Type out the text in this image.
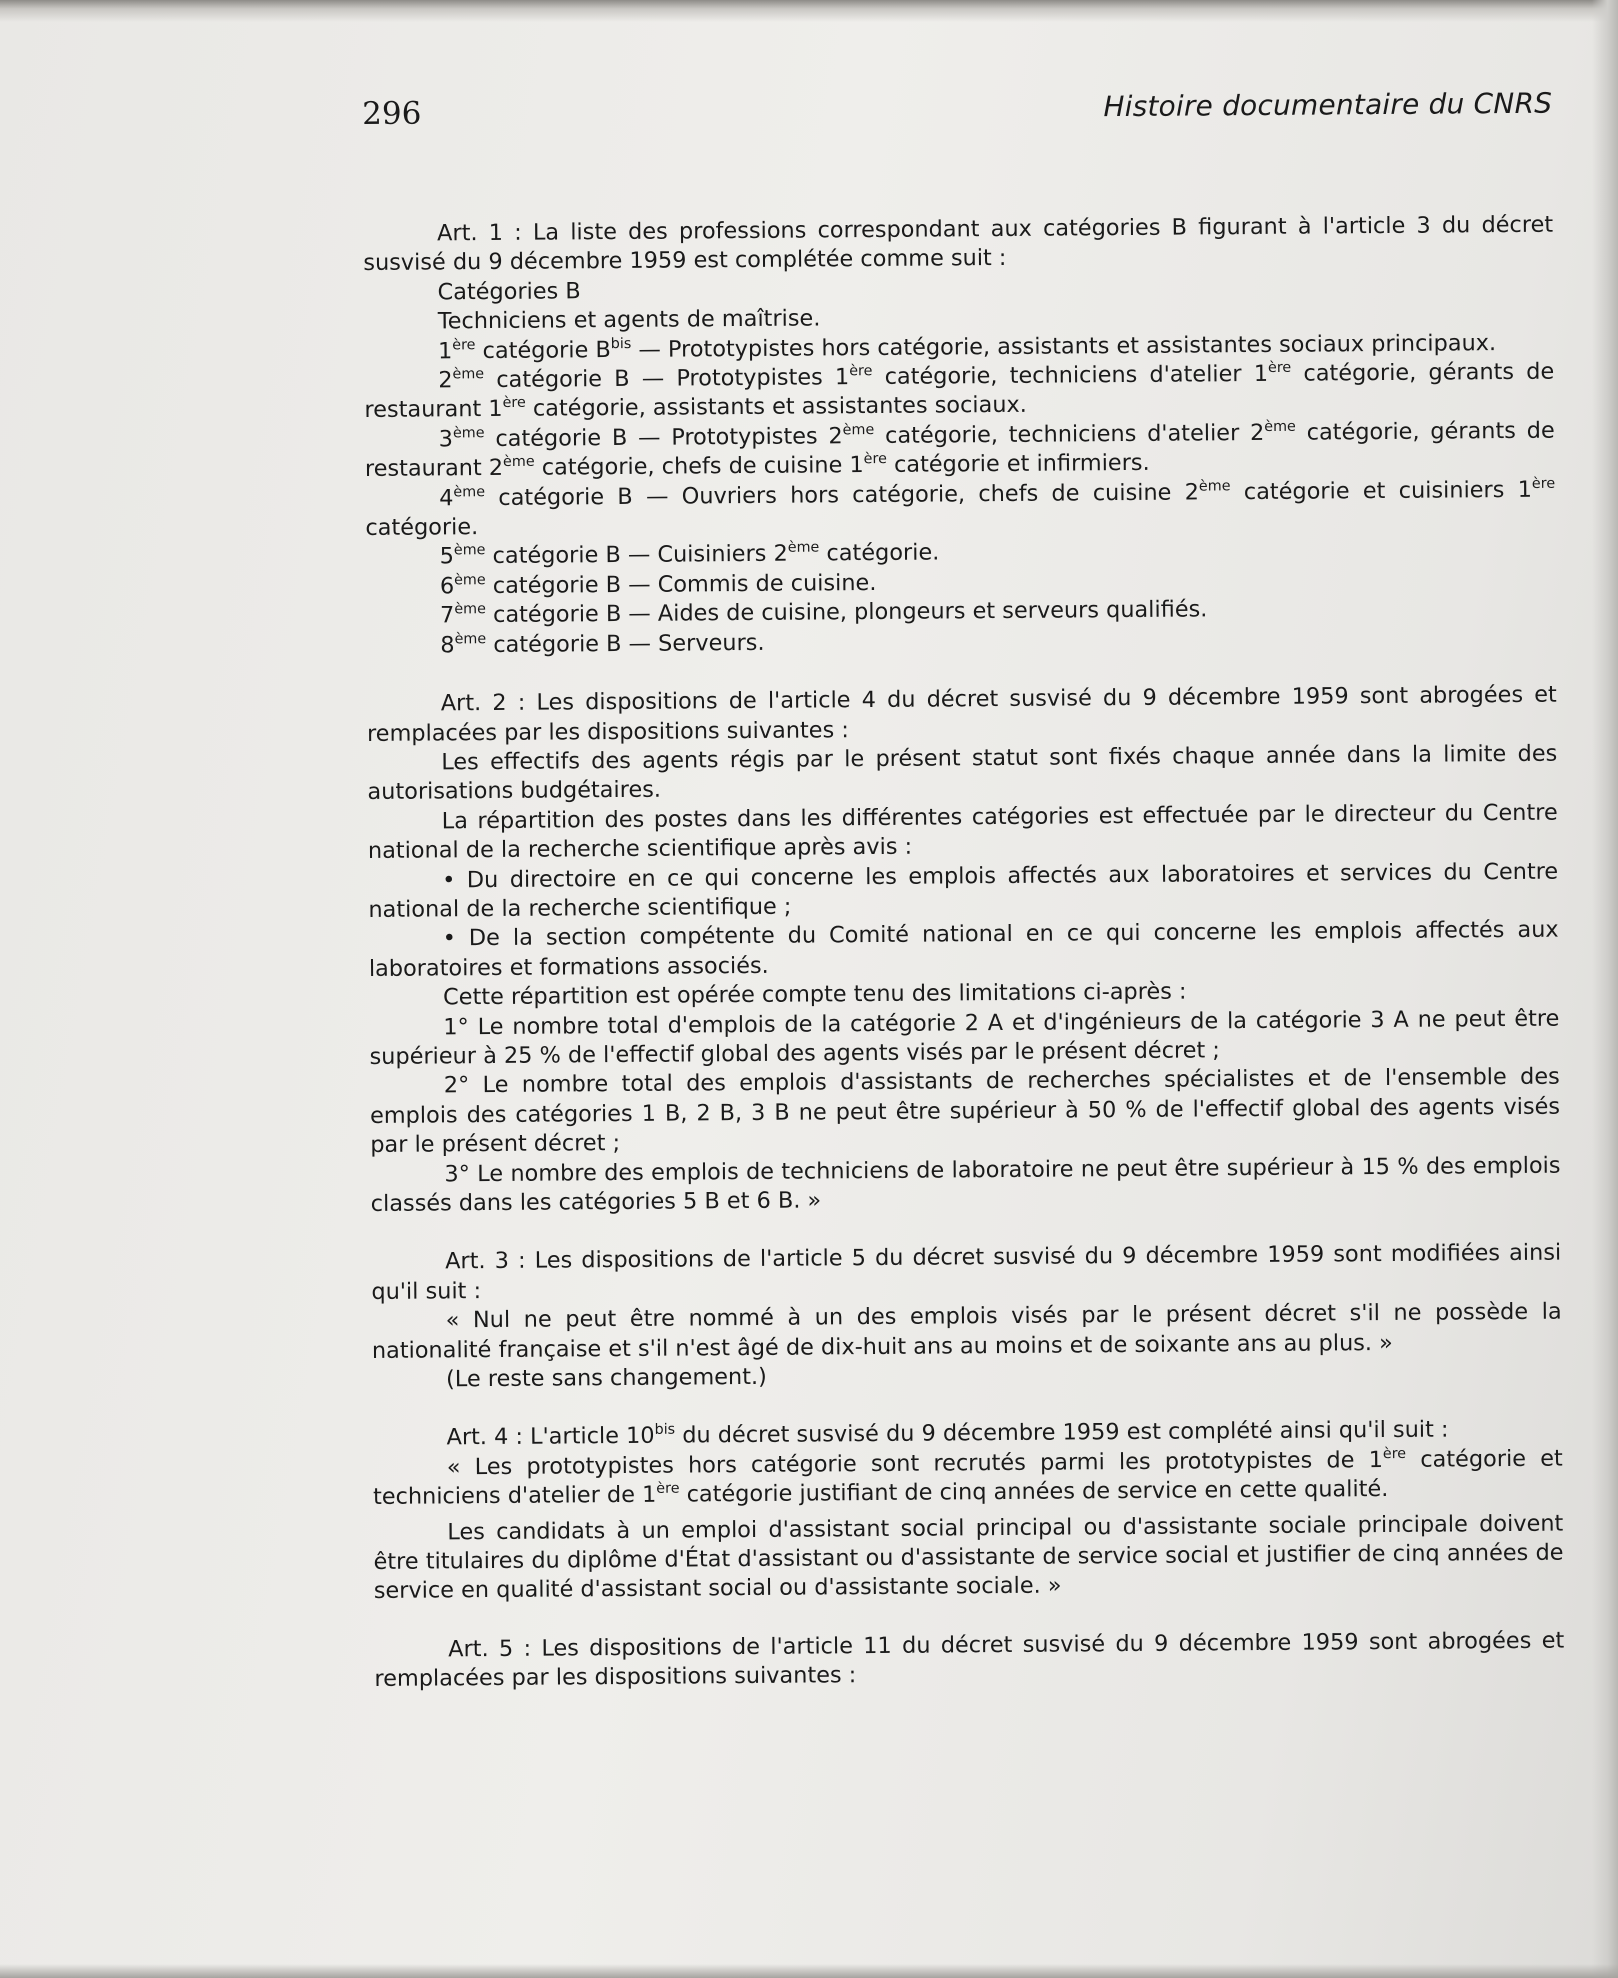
296	Histoire documentaire du CNRS

Art. 1 : La liste des professions correspondant aux catégories B figurant à l'article 3 du décret susvisé du 9 décembre 1959 est complétée comme suit :

Catégories B

Techniciens et agents de maîtrise.

1ère catégorie $B^{bis}$ — Prototypistes hors catégorie, assistants et assistantes sociaux principaux.

2ème catégorie B — Prototypistes 1ère catégorie, techniciens d'atelier 1ère catégorie, gérants de restaurant 1ère catégorie, assistants et assistantes sociaux.

3ème catégorie B — Prototypistes 2ème catégorie, techniciens d'atelier 2ème catégorie, gérants de restaurant 2ème catégorie, chefs de cuisine 1ère catégorie et infirmiers.

4ème catégorie B — Ouvriers hors catégorie, chefs de cuisine 2ème catégorie et cuisiniers 1ère catégorie.

5ème catégorie B — Cuisiniers 2ème catégorie.

6ème catégorie B — Commis de cuisine.

7ème catégorie B — Aides de cuisine, plongeurs et serveurs qualifiés.

8ème catégorie B — Serveurs.

Art. 2 : Les dispositions de l'article 4 du décret susvisé du 9 décembre 1959 sont abrogées et remplacées par les dispositions suivantes :

Les effectifs des agents régis par le présent statut sont fixés chaque année dans la limite des autorisations budgétaires.

La répartition des postes dans les différentes catégories est effectuée par le directeur du Centre national de la recherche scientifique après avis :

• Du directoire en ce qui concerne les emplois affectés aux laboratoires et services du Centre national de la recherche scientifique ;

• De la section compétente du Comité national en ce qui concerne les emplois affectés aux laboratoires et formations associés.

Cette répartition est opérée compte tenu des limitations ci-après :

1° Le nombre total d'emplois de la catégorie 2 A et d'ingénieurs de la catégorie 3 A ne peut être supérieur à 25 % de l'effectif global des agents visés par le présent décret ;

2° Le nombre total des emplois d'assistants de recherches spécialistes et de l'ensemble des emplois des catégories 1 B, 2 B, 3 B ne peut être supérieur à 50 % de l'effectif global des agents visés par le présent décret ;

3° Le nombre des emplois de techniciens de laboratoire ne peut être supérieur à 15 % des emplois classés dans les catégories 5 B et 6 B. »

Art. 3 : Les dispositions de l'article 5 du décret susvisé du 9 décembre 1959 sont modifiées ainsi qu'il suit :

« Nul ne peut être nommé à un des emplois visés par le présent décret s'il ne possède la nationalité française et s'il n'est âgé de dix-huit ans au moins et de soixante ans au plus. »

(Le reste sans changement.)

Art. 4 : L'article $10^{bis}$ du décret susvisé du 9 décembre 1959 est complété ainsi qu'il suit :

« Les prototypistes hors catégorie sont recrutés parmi les prototypistes de 1ère catégorie et techniciens d'atelier de 1ère catégorie justifiant de cinq années de service en cette qualité.

Les candidats à un emploi d'assistant social principal ou d'assistante sociale principale doivent être titulaires du diplôme d'État d'assistant ou d'assistante de service social et justifier de cinq années de service en qualité d'assistant social ou d'assistante sociale. »

Art. 5 : Les dispositions de l'article 11 du décret susvisé du 9 décembre 1959 sont abrogées et remplacées par les dispositions suivantes :
